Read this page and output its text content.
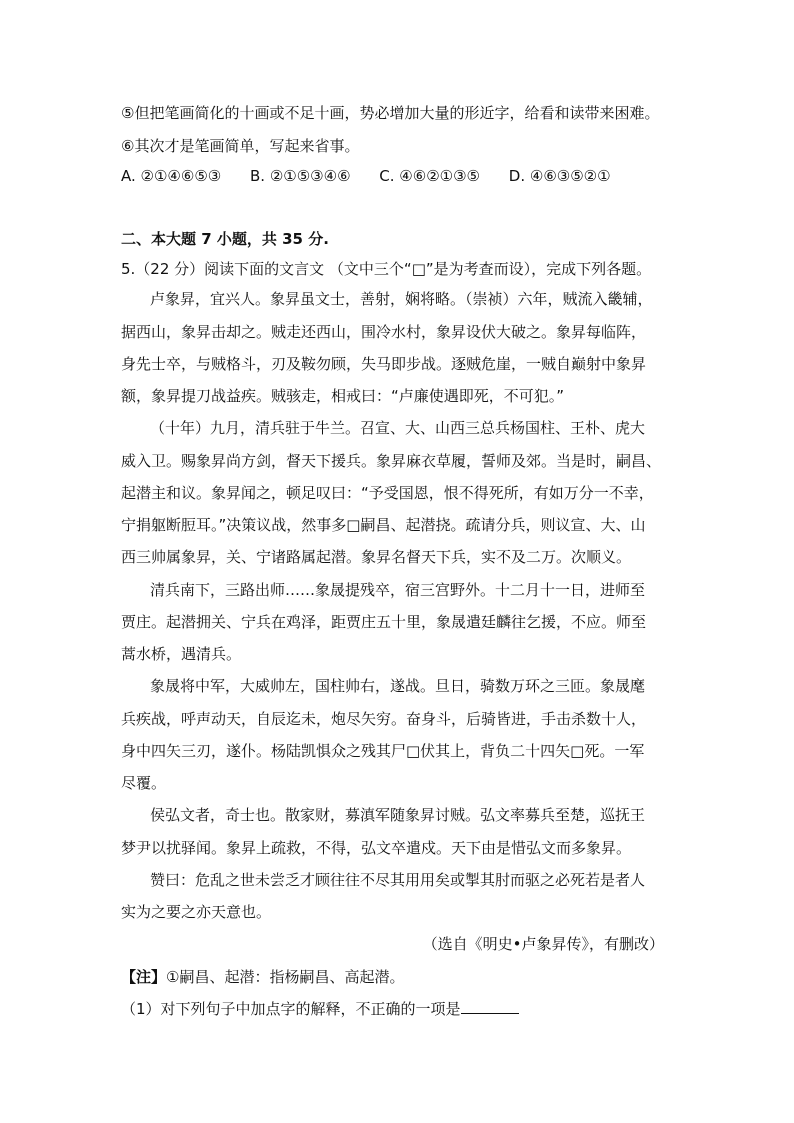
⑤但把笔画简化的十画或不足十画，势必增加大量的形近字，给看和读带来困难。
⑥其次才是笔画简单，写起来省事。
A. ②①④⑥⑤③ B. ②①⑤③④⑥ C. ④⑥②①③⑤ D. ④⑥③⑤②①
二、本大题 7 小题，共 35 分.
5.（22 分）阅读下面的文言文 （文中三个“□”是为考查而设），完成下列各题。
卢象昇，宜兴人。象昇虽文士，善射，娴将略。（崇祯）六年，贼流入畿辅，
据西山，象昇击却之。贼走还西山，围冷水村，象昇设伏大破之。象昇每临阵，
身先士卒，与贼格斗，刃及鞍勿顾，失马即步战。逐贼危崖，一贼自巅射中象昇
额，象昇提刀战益疾。贼骇走，相戒曰：“卢廉使遇即死，不可犯。”
（十年）九月，清兵驻于牛兰。召宣、大、山西三总兵杨国柱、王朴、虎大
威入卫。赐象昇尚方剑，督天下援兵。象昇麻衣草履，誓师及郊。当是时，嗣昌、
起潜主和议。象昇闻之，顿足叹曰：“予受国恩，恨不得死所，有如万分一不幸，
宁捐躯断脰耳。”决策议战，然事多□嗣昌、起潜挠。疏请分兵，则议宣、大、山
西三帅属象昇，关、宁诸路属起潜。象昇名督天下兵，实不及二万。次顺义。
清兵南下，三路出师……象晟提残卒，宿三宫野外。十二月十一日，进师至
贾庄。起潜拥关、宁兵在鸡泽，距贾庄五十里，象晟遣廷麟往乞援，不应。师至
蒿水桥，遇清兵。
象晟将中军，大威帅左，国柱帅右，遂战。旦日，骑数万环之三匝。象晟麾
兵疾战，呼声动天，自辰迄未，炮尽矢穷。奋身斗，后骑皆进，手击杀数十人，
身中四矢三刃，遂仆。杨陆凯惧众之残其尸□伏其上，背负二十四矢□死。一军
尽覆。
侯弘文者，奇士也。散家财，募滇军随象昇讨贼。弘文率募兵至楚，巡抚王
梦尹以扰驿闻。象昇上疏救，不得，弘文卒遣戍。天下由是惜弘文而多象昇。
赞曰：危乱之世未尝乏才顾往往不尽其用用矣或掣其肘而驱之必死若是者人
实为之要之亦天意也。
（选自《明史•卢象昇传》，有删改）
【注】①嗣昌、起潜：指杨嗣昌、高起潜。
（1）对下列句子中加点字的解释，不正确的一项是
